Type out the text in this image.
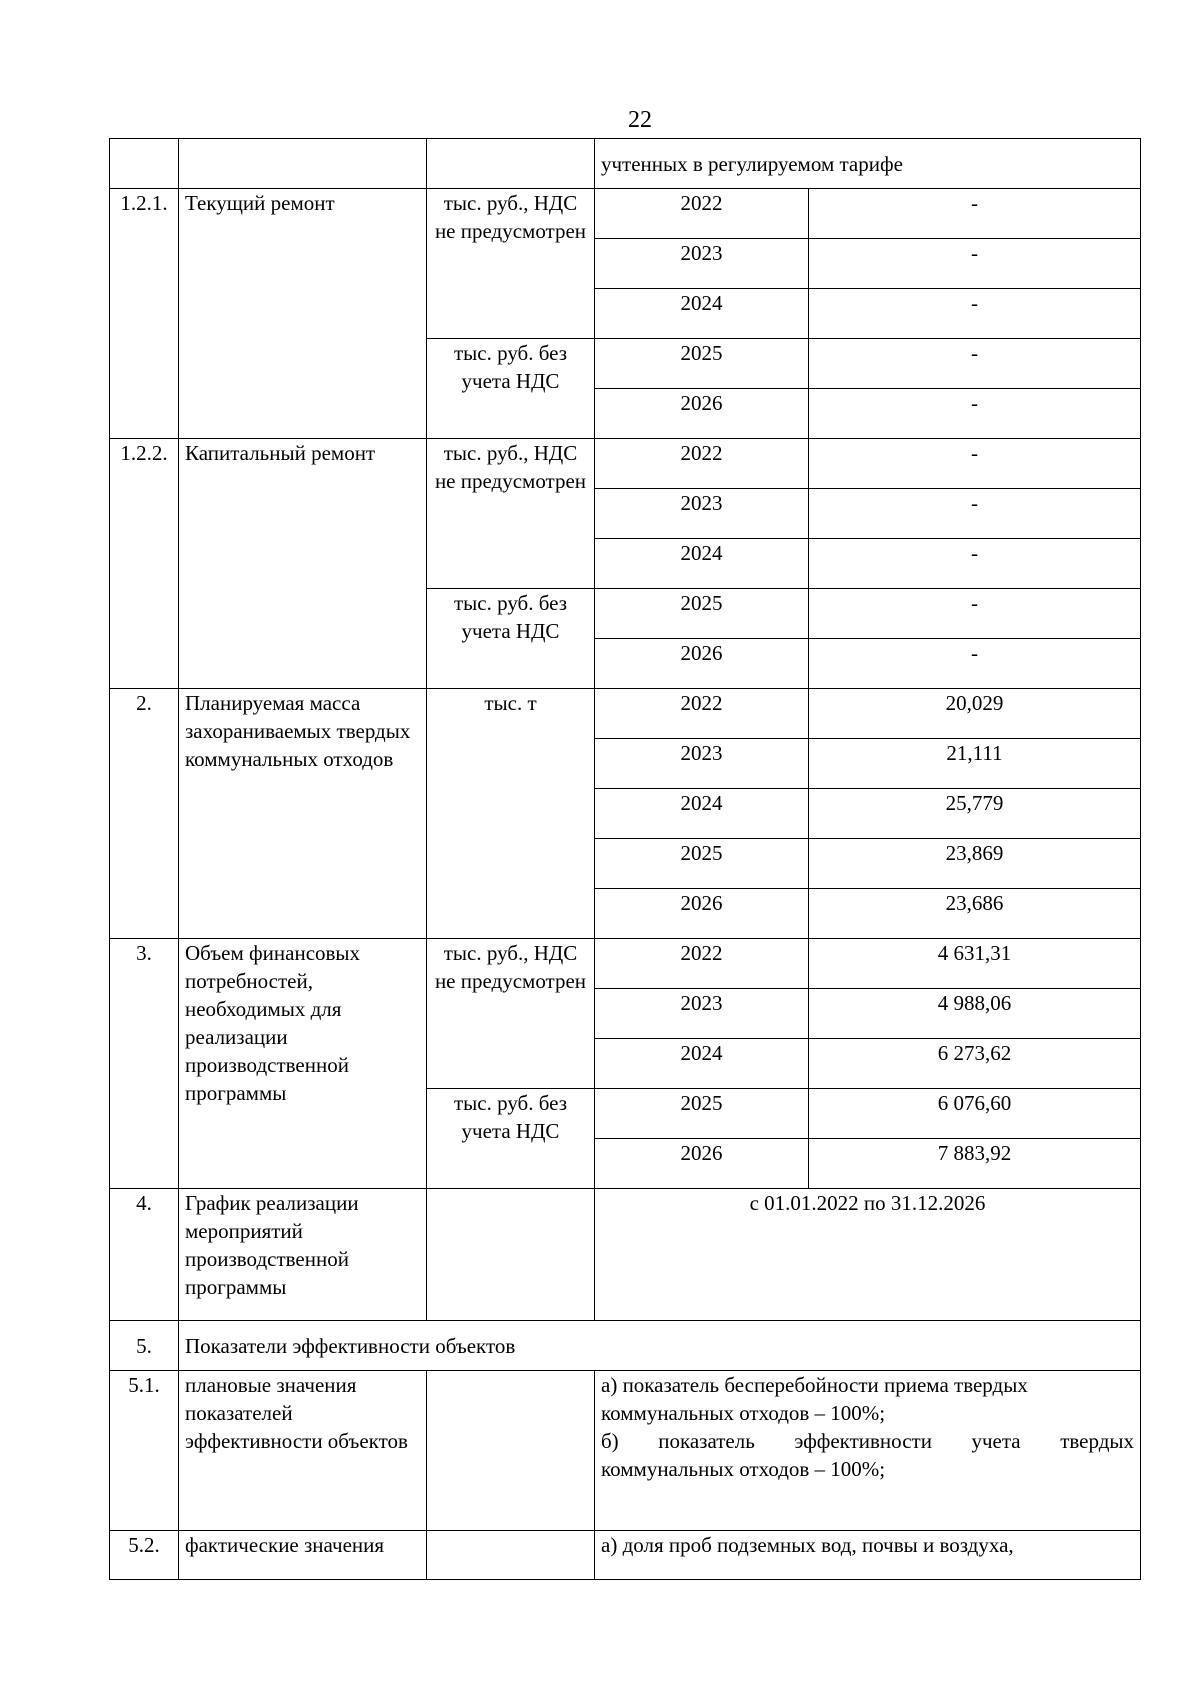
22
			учтенных в регулируемом тарифе	
1.2.1.	Текущий ремонт	тыс. руб., НДС не предусмотрен	2022	-
			2023	-
			2024	-
		тыс. руб. без учета НДС	2025	-
			2026	-
1.2.2.	Капитальный ремонт	тыс. руб., НДС не предусмотрен	2022	-
			2023	-
			2024	-
		тыс. руб. без учета НДС	2025	-
			2026	-
2.	Планируемая масса захораниваемых твердых коммунальных отходов	тыс. т	2022	20,029
			2023	21,111
			2024	25,779
			2025	23,869
			2026	23,686
3.	Объем финансовых потребностей, необходимых для реализации производственной программы	тыс. руб., НДС не предусмотрен	2022	4 631,31
			2023	4 988,06
			2024	6 273,62
		тыс. руб. без учета НДС	2025	6 076,60
			2026	7 883,92
4.	График реализации мероприятий производственной программы		с 01.01.2022 по 31.12.2026	
5.	Показатели эффективности объектов			
5.1.	плановые значения показателей эффективности объектов		а) показатель бесперебойности приема твердых коммунальных отходов – 100%;
б) показатель эффективности учета твердых
коммунальных отходов – 100%;	

5.2.	фактические значения		а) доля проб подземных вод, почвы и воздуха,	
